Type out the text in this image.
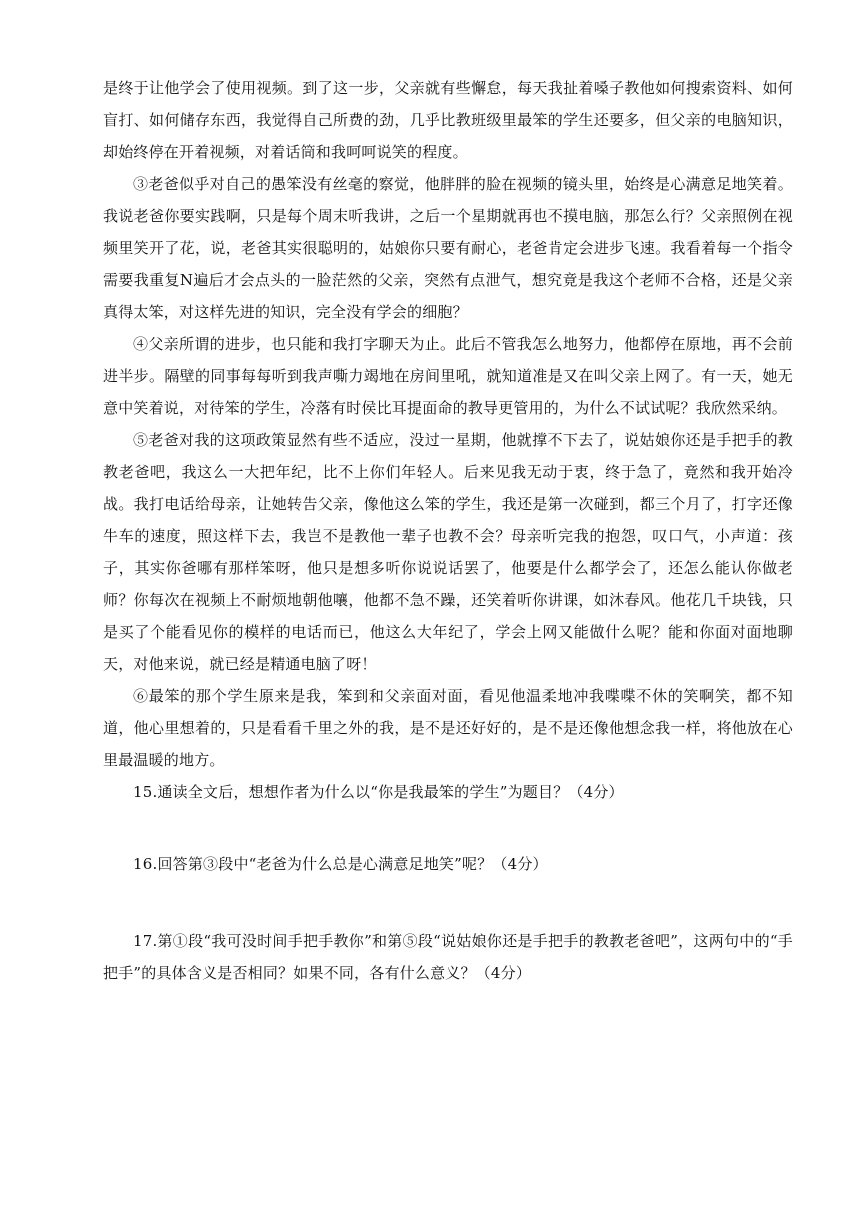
是终于让他学会了使用视频。到了这一步，父亲就有些懈怠，每天我扯着嗓子教他如何搜索资料、如何盲打、如何储存东西，我觉得自己所费的劲，几乎比教班级里最笨的学生还要多，但父亲的电脑知识，却始终停在开着视频，对着话筒和我呵呵说笑的程度。

③老爸似乎对自己的愚笨没有丝毫的察觉，他胖胖的脸在视频的镜头里，始终是心满意足地笑着。我说老爸你要实践啊，只是每个周末听我讲，之后一个星期就再也不摸电脑，那怎么行？父亲照例在视频里笑开了花，说，老爸其实很聪明的，姑娘你只要有耐心，老爸肯定会进步飞速。我看着每一个指令需要我重复N遍后才会点头的一脸茫然的父亲，突然有点泄气，想究竟是我这个老师不合格，还是父亲真得太笨，对这样先进的知识，完全没有学会的细胞？

④父亲所谓的进步，也只能和我打字聊天为止。此后不管我怎么地努力，他都停在原地，再不会前进半步。隔壁的同事每每听到我声嘶力竭地在房间里吼，就知道准是又在叫父亲上网了。有一天，她无意中笑着说，对待笨的学生，冷落有时侯比耳提面命的教导更管用的，为什么不试试呢？我欣然采纳。

⑤老爸对我的这项政策显然有些不适应，没过一星期，他就撑不下去了，说姑娘你还是手把手的教教老爸吧，我这么一大把年纪，比不上你们年轻人。后来见我无动于衷，终于急了，竟然和我开始冷战。我打电话给母亲，让她转告父亲，像他这么笨的学生，我还是第一次碰到，都三个月了，打字还像牛车的速度，照这样下去，我岂不是教他一辈子也教不会？母亲听完我的抱怨，叹口气，小声道：孩子，其实你爸哪有那样笨呀，他只是想多听你说说话罢了，他要是什么都学会了，还怎么能认你做老师？你每次在视频上不耐烦地朝他嚷，他都不急不躁，还笑着听你讲课，如沐春风。他花几千块钱，只是买了个能看见你的模样的电话而已，他这么大年纪了，学会上网又能做什么呢？能和你面对面地聊天，对他来说，就已经是精通电脑了呀！

⑥最笨的那个学生原来是我，笨到和父亲面对面，看见他温柔地冲我喋喋不休的笑啊笑，都不知道，他心里想着的，只是看看千里之外的我，是不是还好好的，是不是还像他想念我一样，将他放在心里最温暖的地方。

15.通读全文后，想想作者为什么以“你是我最笨的学生”为题目？（4分）

16.回答第③段中“老爸为什么总是心满意足地笑”呢？（4分）

17.第①段“我可没时间手把手教你”和第⑤段“说姑娘你还是手把手的教教老爸吧”，这两句中的“手把手”的具体含义是否相同？如果不同，各有什么意义？（4分）
